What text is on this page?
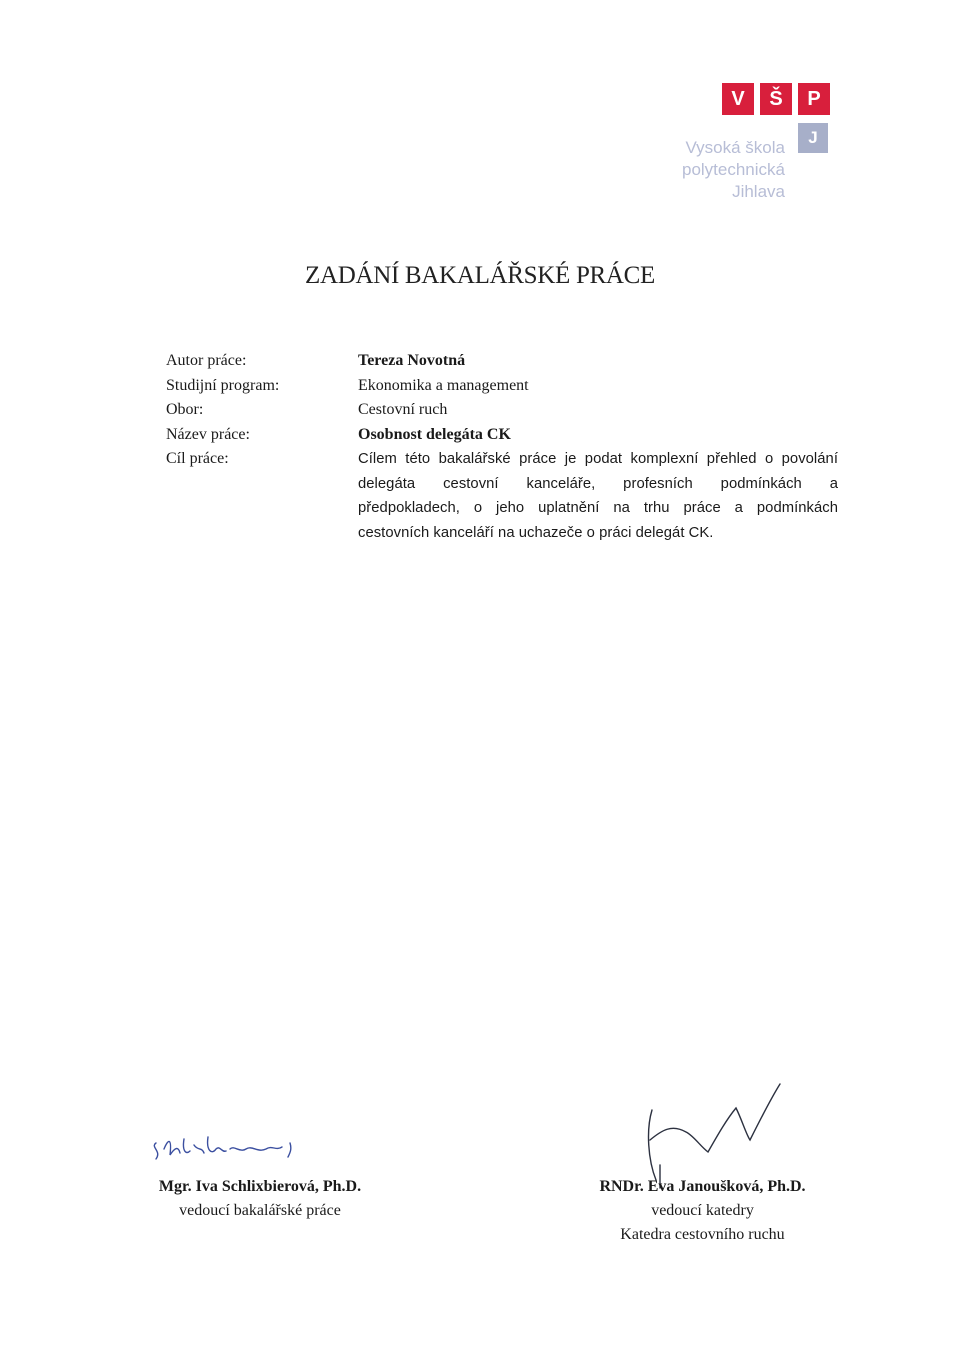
V	Š	P
J
Vysoká škola
polytechnická
Jihlava
ZADÁNÍ BAKALÁŘSKÉ PRÁCE
Autor práce:
Studijní program:
Obor:
Název práce:
Cíl práce:
Tereza Novotná
Ekonomika a management
Cestovní ruch
Osobnost delegáta CK
Cílem této bakalářské práce je podat komplexní přehled o povolání
delegáta cestovní kanceláře, profesních podmínkách a
předpokladech, o jeho uplatnění na trhu práce a podmínkách
cestovních kanceláří na uchazeče o práci delegát CK.
Mgr. Iva Schlixbierová, Ph.D.
vedoucí bakalářské práce
RNDr. Eva Janoušková, Ph.D.
vedoucí katedry
Katedra cestovního ruchu
